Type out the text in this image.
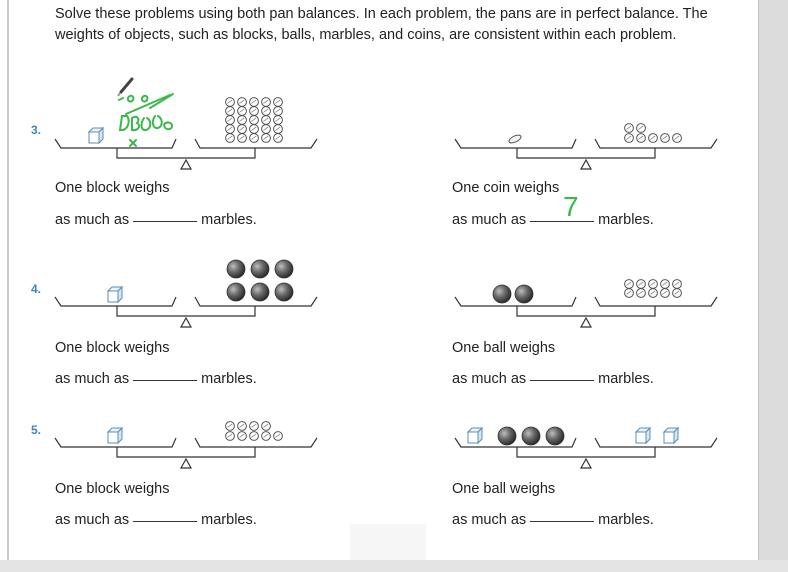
Solve these problems using both pan balances. In each problem, the pans are in perfect balance. The weights of objects, such as blocks, balls, marbles, and coins, are consistent within each problem.
3.
4.
5.
One block weighs
as much as	marbles.
One coin weighs
as much as	marbles.
7
One block weighs
as much as	marbles.
One ball weighs
as much as	marbles.
One block weighs
as much as	marbles.
One ball weighs
as much as	marbles.
